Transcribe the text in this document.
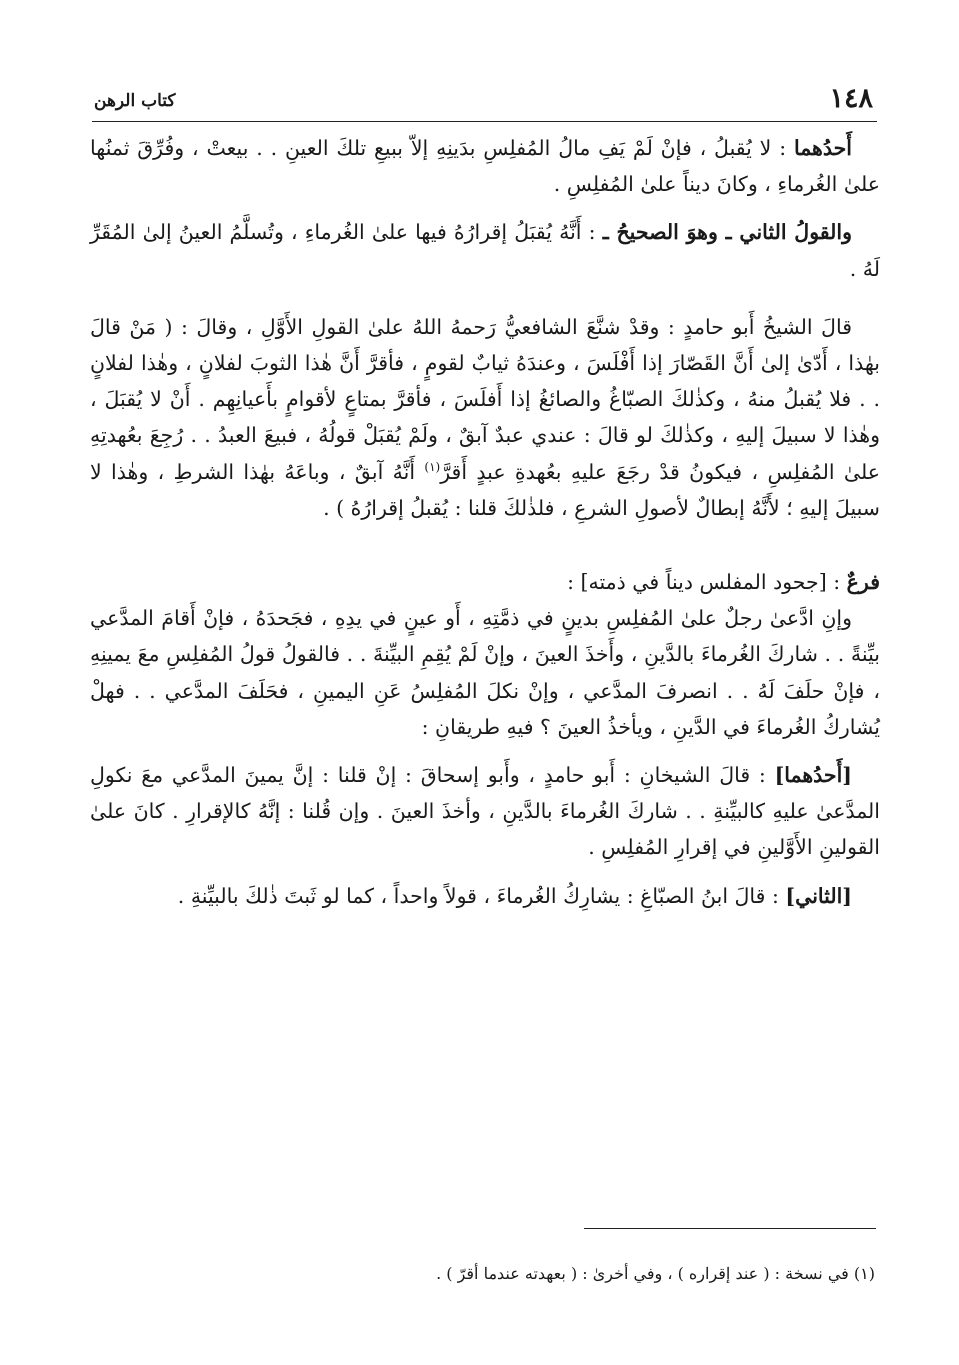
١٤٨
كتاب الرهن

أَحدُهما : لا يُقبلُ ، فإنْ لَمْ يَفِ مالُ المُفلِسِ بدَينِهِ إلاّ ببيعِ تلكَ العينِ . . بيعتْ ، وفُرِّقَ ثمنُها علىٰ الغُرماءِ ، وكانَ ديناً علىٰ المُفلِسِ .

والقولُ الثاني ـ وهوَ الصحيحُ ـ : أَنَّهُ يُقبَلُ إقرارُهُ فيها علىٰ الغُرماءِ ، وتُسلَّمُ العينُ إلىٰ المُقَرِّ لَهُ .

قالَ الشيخُ أَبو حامدٍ : وقدْ شنَّعَ الشافعيُّ رَحمهُ اللهُ علىٰ القولِ الأَوَّلِ ، وقالَ : ( مَنْ قالَ بهٰذا ، أَدّىٰ إلىٰ أَنَّ القَصّارَ إذا أَفْلَسَ ، وعندَهُ ثيابٌ لقومٍ ، فأقرَّ أَنَّ هٰذا الثوبَ لفلانٍ ، وهٰذا لفلانٍ . . فلا يُقبلُ منهُ ، وكذٰلكَ الصبّاغُ والصائغُ إذا أَفلَسَ ، فأقرَّ بمتاعٍ لأقوامٍ بأَعيانِهِم . أَنْ لا يُقبَلَ ، وهٰذا لا سبيلَ إليهِ ، وكذٰلكَ لو قالَ : عندي عبدٌ آبقٌ ، ولَمْ يُقبَلْ قولُهُ ، فبيعَ العبدُ . . رُجِعَ بعُهدتِهِ علىٰ المُفلِسِ ، فيكونُ قدْ رجَعَ عليهِ بعُهدةِ عبدٍ أَقرَّ$^{(١)}$ أَنَّهُ آبقٌ ، وباعَهُ بهٰذا الشرطِ ، وهٰذا لا سبيلَ إليهِ ؛ لأَنَّهُ إبطالٌ لأصولِ الشرعِ ، فلذٰلكَ قلنا : يُقبلُ إقرارُهُ ) .

فرعٌ : [جحود المفلس ديناً في ذمته] :

وإنِ ادَّعىٰ رجلٌ علىٰ المُفلِسِ بدينٍ في ذمَّتِهِ ، أَو عينٍ في يدِهِ ، فجَحدَهُ ، فإنْ أَقامَ المدَّعي بيِّنةً . . شاركَ الغُرماءَ بالدَّينِ ، وأَخذَ العينَ ، وإنْ لَمْ يُقِمِ البيِّنةَ . . فالقولُ قولُ المُفلِسِ معَ يمينِهِ ، فإنْ حلَفَ لَهُ . . انصرفَ المدَّعي ، وإنْ نكلَ المُفلِسُ عَنِ اليمينِ ، فحَلَفَ المدَّعي . . فهلْ يُشاركُ الغُرماءَ في الدَّينِ ، ويأخذُ العينَ ؟ فيهِ طريقانِ :

[أَحدُهما] : قالَ الشيخانِ : أَبو حامدٍ ، وأَبو إسحاقَ : إنْ قلنا : إنَّ يمينَ المدَّعي معَ نكولِ المدَّعىٰ عليهِ كالبيِّنةِ . . شاركَ الغُرماءَ بالدَّينِ ، وأخذَ العينَ . وإن قُلنا : إنَّهُ كالإقرارِ . كانَ علىٰ القولينِ الأَوَّلينِ في إقرارِ المُفلِسِ .

[الثاني] : قالَ ابنُ الصبّاغِ : يشارِكُ الغُرماءَ ، قولاً واحداً ، كما لو ثَبتَ ذٰلكَ بالبيِّنةِ .

(١) في نسخة : ( عند إقراره ) ، وفي أخرىٰ : ( بعهدته عندما أقرّ ) .
